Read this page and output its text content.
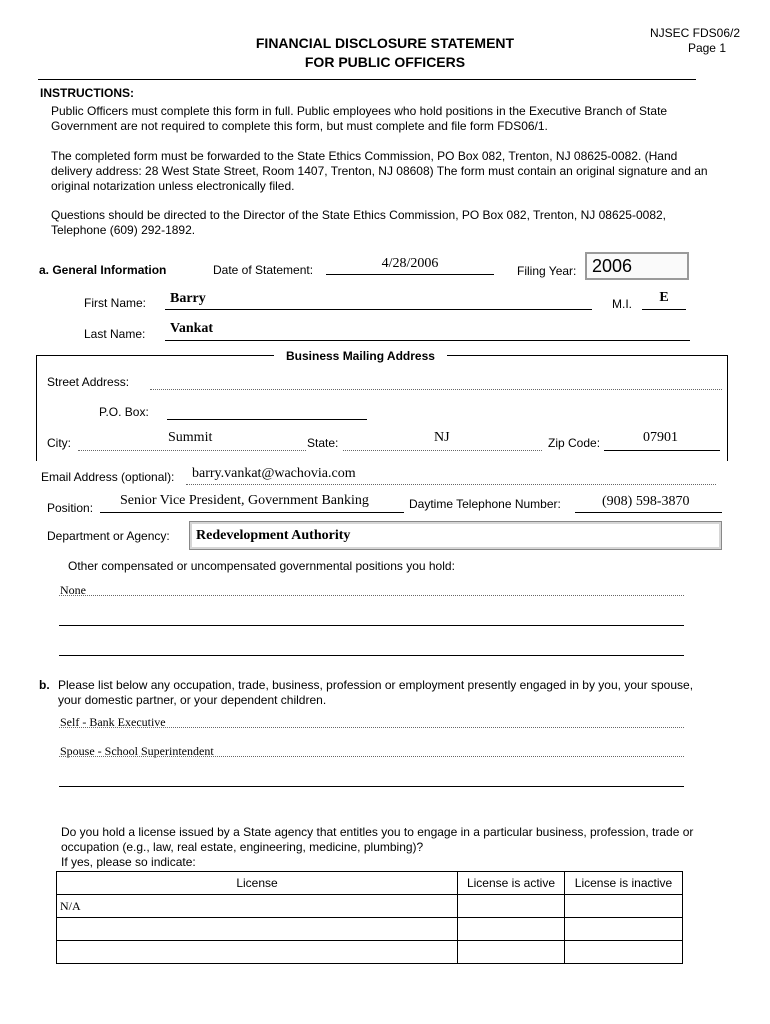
NJSEC FDS06/2
Page 1
FINANCIAL DISCLOSURE STATEMENT
FOR PUBLIC OFFICERS
INSTRUCTIONS:

Public Officers must complete this form in full. Public employees who hold positions in the Executive Branch of State Government are not required to complete this form, but must complete and file form FDS06/1.

The completed form must be forwarded to the State Ethics Commission, PO Box 082, Trenton, NJ 08625-0082. (Hand delivery address: 28 West State Street, Room 1407, Trenton, NJ 08608) The form must contain an original signature and an original notarization unless electronically filed.

Questions should be directed to the Director of the State Ethics Commission, PO Box 082, Trenton, NJ 08625-0082, Telephone (609) 292-1892.

a. General Information	Date of Statement:	4/28/2006	Filing Year: 2006
First Name: Barry	M.I.	E
Last Name: Vankat
Business Mailing Address
Street Address:
P.O. Box:
City:	Summit	State:	NJ	Zip Code:	07901
Email Address (optional): barry.vankat@wachovia.com
Position: Senior Vice President, Government Banking	Daytime Telephone Number:	(908) 598-3870
Department or Agency: Redevelopment Authority
Other compensated or uncompensated governmental positions you hold:
None
b. Please list below any occupation, trade, business, profession or employment presently engaged in by you, your spouse, your domestic partner, or your dependent children.

Self - Bank Executive
Spouse - School Superintendent

Do you hold a license issued by a State agency that entitles you to engage in a particular business, profession, trade or occupation (e.g., law, real estate, engineering, medicine, plumbing)?

If yes, please so indicate:
License	License is active	License is inactive
N/A		
